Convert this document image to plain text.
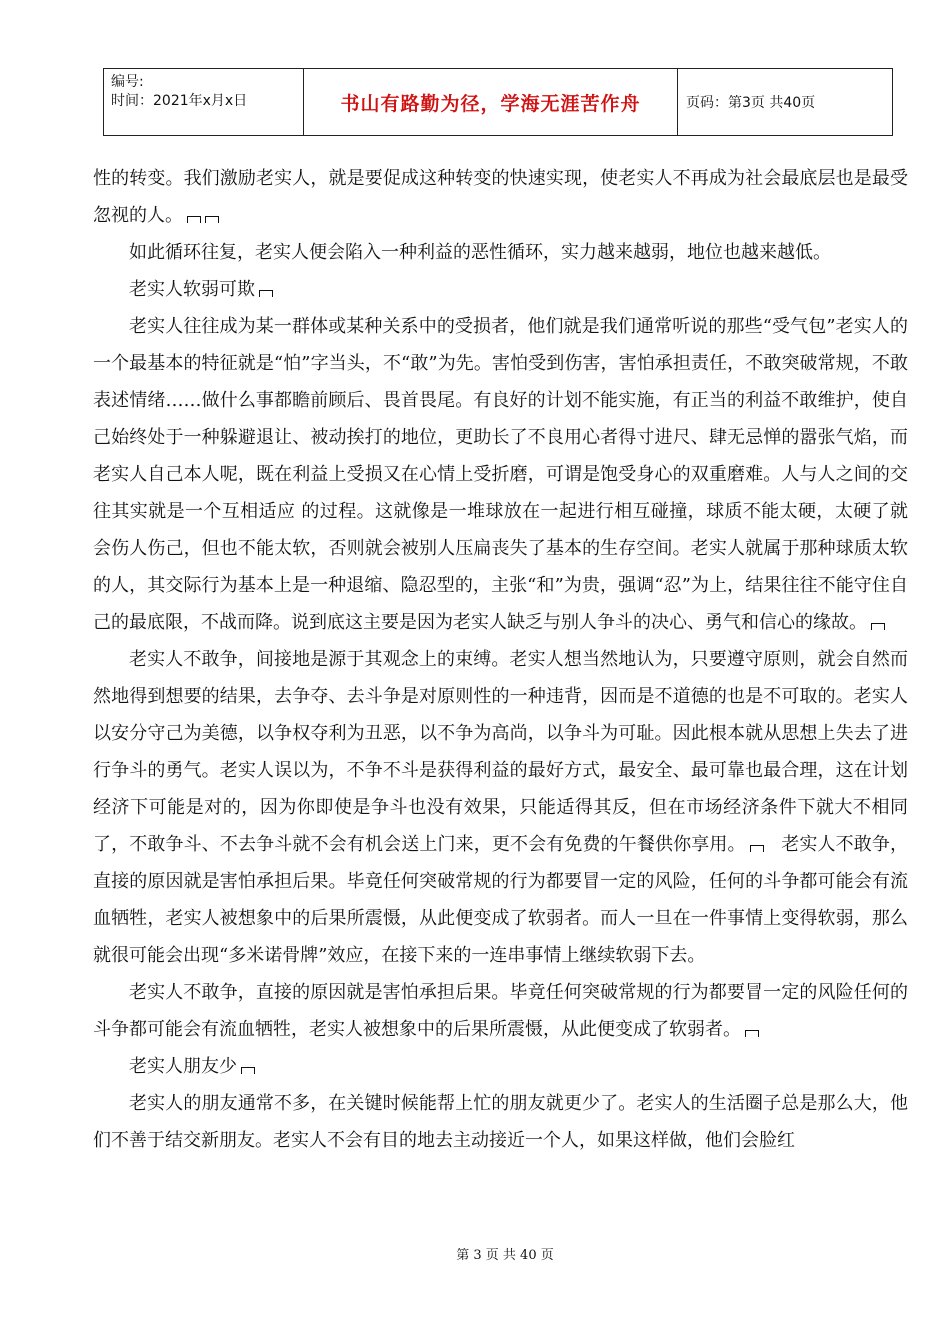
编号:
时间：2021年x月x日	书山有路勤为径，学海无涯苦作舟	页码：第3页 共40页

性的转变。我们激励老实人，就是要促成这种转变的快速实现，使老实人不再成为社会最底层也是最受忽视的人。

如此循环往复，老实人便会陷入一种利益的恶性循环，实力越来越弱，地位也越来越低。

老实人软弱可欺

老实人往往成为某一群体或某种关系中的受损者，他们就是我们通常听说的那些“受气包”老实人的一个最基本的特征就是“怕”字当头，不“敢”为先。害怕受到伤害，害怕承担责任，不敢突破常规，不敢表述情绪……做什么事都瞻前顾后、畏首畏尾。有良好的计划不能实施，有正当的利益不敢维护，使自己始终处于一种躲避退让、被动挨打的地位，更助长了不良用心者得寸进尺、肆无忌惮的嚣张气焰，而老实人自己本人呢，既在利益上受损又在心情上受折磨，可谓是饱受身心的双重磨难。人与人之间的交往其实就是一个互相适应 的过程。这就像是一堆球放在一起进行相互碰撞，球质不能太硬，太硬了就会伤人伤己，但也不能太软，否则就会被别人压扁丧失了基本的生存空间。老实人就属于那种球质太软的人，其交际行为基本上是一种退缩、隐忍型的，主张“和”为贵，强调“忍”为上，结果往往不能守住自己的最底限，不战而降。说到底这主要是因为老实人缺乏与别人争斗的决心、勇气和信心的缘故。

老实人不敢争，间接地是源于其观念上的束缚。老实人想当然地认为，只要遵守原则，就会自然而然地得到想要的结果，去争夺、去斗争是对原则性的一种违背，因而是不道德的也是不可取的。老实人以安分守己为美德，以争权夺利为丑恶，以不争为高尚，以争斗为可耻。因此根本就从思想上失去了进行争斗的勇气。老实人误以为，不争不斗是获得利益的最好方式，最安全、最可靠也最合理，这在计划经济下可能是对的，因为你即使是争斗也没有效果，只能适得其反，但在市场经济条件下就大不相同了，不敢争斗、不去争斗就不会有机会送上门来，更不会有免费的午餐供你享用。 老实人不敢争，直接的原因就是害怕承担后果。毕竟任何突破常规的行为都要冒一定的风险，任何的斗争都可能会有流血牺牲，老实人被想象中的后果所震慑，从此便变成了软弱者。而人一旦在一件事情上变得软弱，那么就很可能会出现“多米诺骨牌”效应，在接下来的一连串事情上继续软弱下去。

老实人不敢争，直接的原因就是害怕承担后果。毕竟任何突破常规的行为都要冒一定的风险任何的斗争都可能会有流血牺牲，老实人被想象中的后果所震慑，从此便变成了软弱者。

老实人朋友少

老实人的朋友通常不多，在关键时候能帮上忙的朋友就更少了。老实人的生活圈子总是那么大，他们不善于结交新朋友。老实人不会有目的地去主动接近一个人，如果这样做，他们会脸红

第 3 页 共 40 页
